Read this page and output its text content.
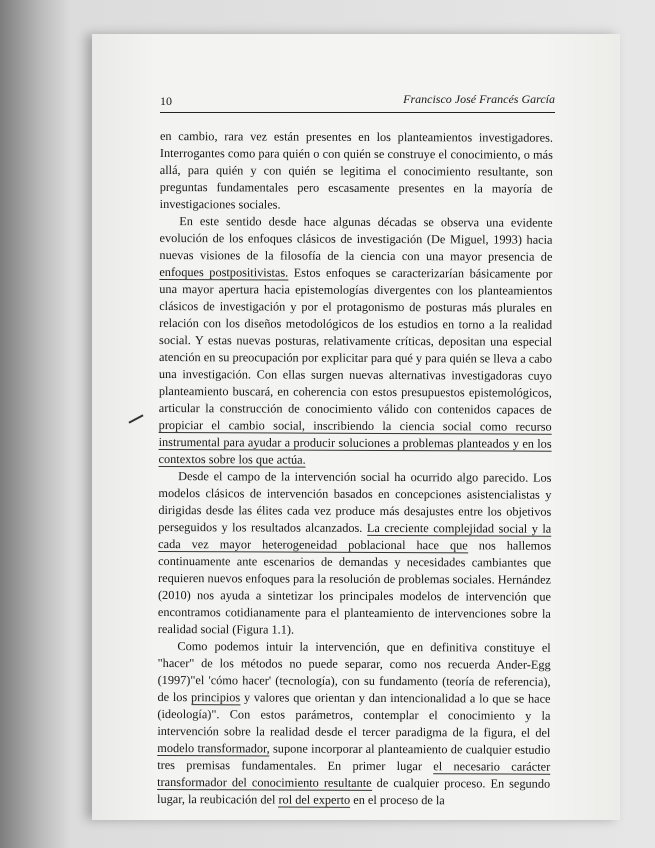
10	Francisco José Francés García

en cambio, rara vez están presentes en los planteamientos investigadores. Interrogantes como para quién o con quién se construye el conocimiento, o más allá, para quién y con quién se legitima el conocimiento resultante, son preguntas fundamentales pero escasamente presentes en la mayoría de investigaciones sociales.

En este sentido desde hace algunas décadas se observa una evidente evolución de los enfoques clásicos de investigación (De Miguel, 1993) hacia nuevas visiones de la filosofía de la ciencia con una mayor presencia de enfoques postpositivistas. Estos enfoques se caracterizarían básicamente por una mayor apertura hacia epistemologías divergentes con los planteamientos clásicos de investigación y por el protagonismo de posturas más plurales en relación con los diseños metodológicos de los estudios en torno a la realidad social. Y estas nuevas posturas, relativamente críticas, depositan una especial atención en su preocupación por explicitar para qué y para quién se lleva a cabo una investigación. Con ellas surgen nuevas alternativas investigadoras cuyo planteamiento buscará, en coherencia con estos presupuestos epistemológicos, articular la construcción de conocimiento válido con contenidos capaces de propiciar el cambio social, inscribiendo la ciencia social como recurso instrumental para ayudar a producir soluciones a problemas planteados y en los contextos sobre los que actúa.

Desde el campo de la intervención social ha ocurrido algo parecido. Los modelos clásicos de intervención basados en concepciones asistencialistas y dirigidas desde las élites cada vez produce más desajustes entre los objetivos perseguidos y los resultados alcanzados. La creciente complejidad social y la cada vez mayor heterogeneidad poblacional hace que nos hallemos continuamente ante escenarios de demandas y necesidades cambiantes que requieren nuevos enfoques para la resolución de problemas sociales. Hernández (2010) nos ayuda a sintetizar los principales modelos de intervención que encontramos cotidianamente para el planteamiento de intervenciones sobre la realidad social (Figura 1.1).

Como podemos intuir la intervención, que en definitiva constituye el "hacer" de los métodos no puede separar, como nos recuerda Ander-Egg (1997)"el 'cómo hacer' (tecnología), con su fundamento (teoría de referencia), de los principios y valores que orientan y dan intencionalidad a lo que se hace (ideología)". Con estos parámetros, contemplar el conocimiento y la intervención sobre la realidad desde el tercer paradigma de la figura, el del modelo transformador, supone incorporar al planteamiento de cualquier estudio tres premisas fundamentales. En primer lugar el necesario carácter transformador del conocimiento resultante de cualquier proceso. En segundo lugar, la reubicación del rol del experto en el proceso de la
